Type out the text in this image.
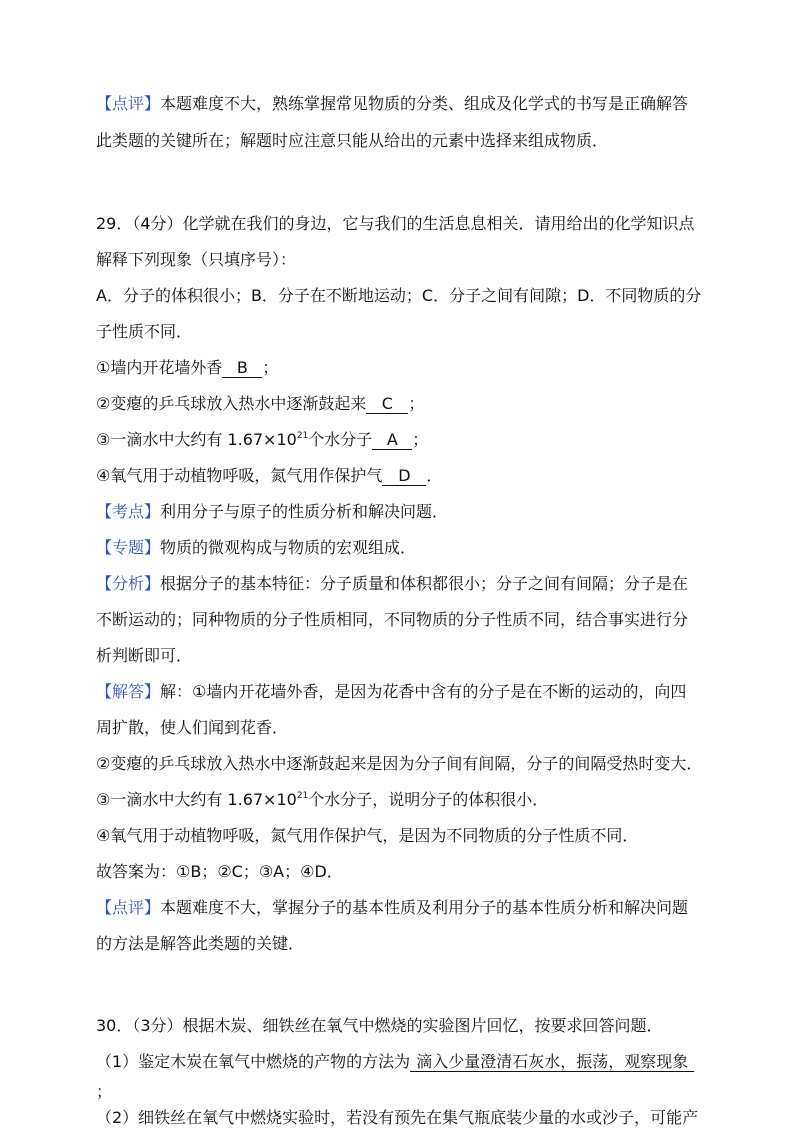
【点评】本题难度不大，熟练掌握常见物质的分类、组成及化学式的书写是正确解答
此类题的关键所在；解题时应注意只能从给出的元素中选择来组成物质．
29．（4分）化学就在我们的身边，它与我们的生活息息相关．请用给出的化学知识点
解释下列现象（只填序号）：
A．分子的体积很小；B．分子在不断地运动；C．分子之间有间隙；D．不同物质的分
子性质不同．
①墙内开花墙外香 B ；
②变瘪的乒乓球放入热水中逐渐鼓起来 C ；
③一滴水中大约有 $1.67\times 10^{21}$个水分子 A ；
④氧气用于动植物呼吸，氮气用作保护气 D ．
【考点】利用分子与原子的性质分析和解决问题．
【专题】物质的微观构成与物质的宏观组成．
【分析】根据分子的基本特征：分子质量和体积都很小；分子之间有间隔；分子是在
不断运动的；同种物质的分子性质相同，不同物质的分子性质不同，结合事实进行分
析判断即可．
【解答】解：①墙内开花墙外香，是因为花香中含有的分子是在不断的运动的，向四
周扩散，使人们闻到花香．
②变瘪的乒乓球放入热水中逐渐鼓起来是因为分子间有间隔，分子的间隔受热时变大．
③一滴水中大约有 $1.67\times 10^{21}$个水分子，说明分子的体积很小．
④氧气用于动植物呼吸，氮气用作保护气，是因为不同物质的分子性质不同．
故答案为：①B；②C；③A；④D．
【点评】本题难度不大，掌握分子的基本性质及利用分子的基本性质分析和解决问题
的方法是解答此类题的关键．
30．（3分）根据木炭、细铁丝在氧气中燃烧的实验图片回忆，按要求回答问题．
（1）鉴定木炭在氧气中燃烧的产物的方法为 滴入少量澄清石灰水，振荡，观察现象
；
（2）细铁丝在氧气中燃烧实验时，若没有预先在集气瓶底装少量的水或沙子，可能产
